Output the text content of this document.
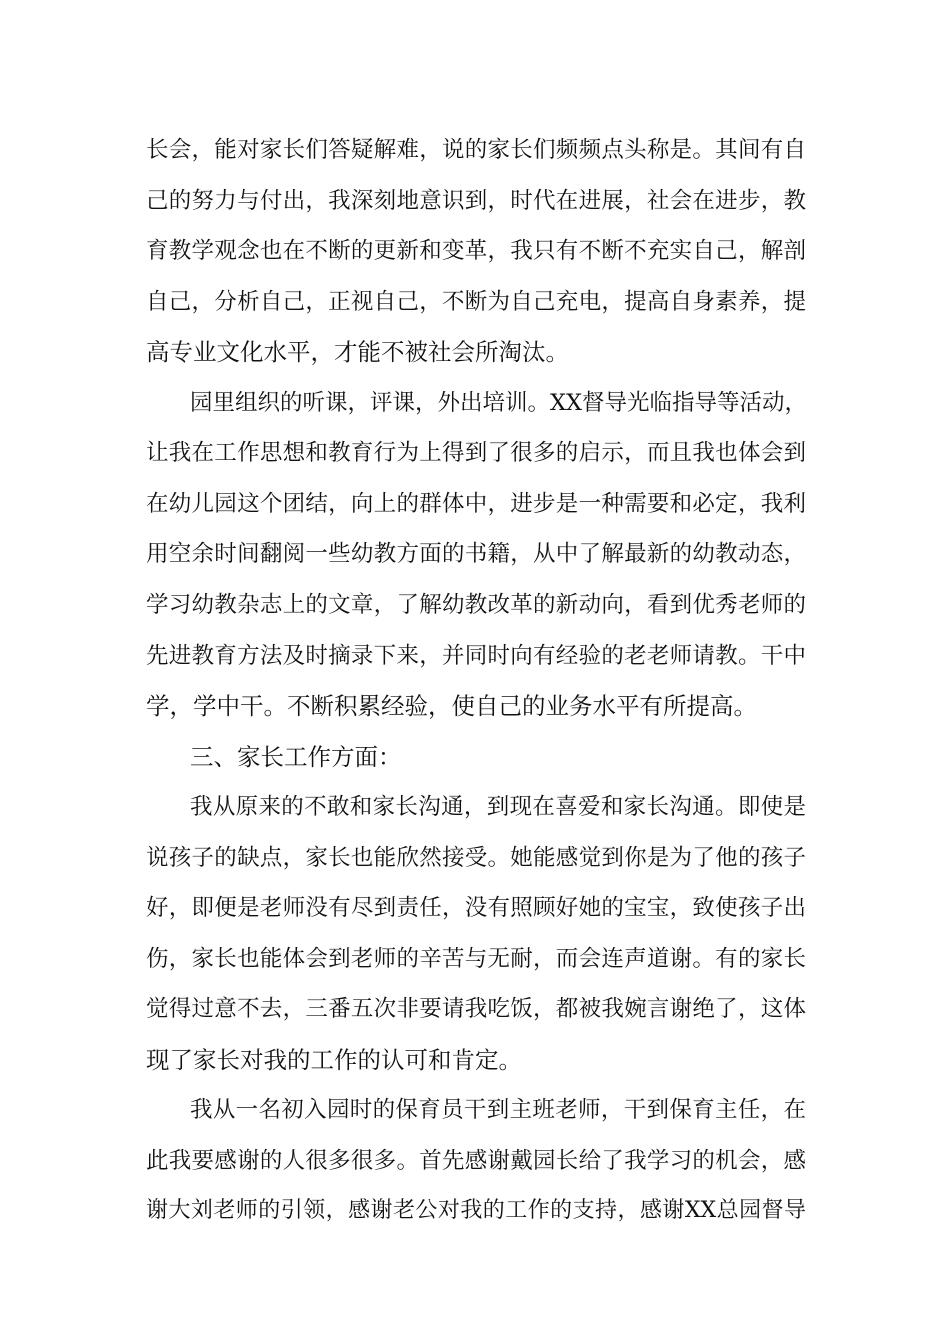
长会，能对家长们答疑解难，说的家长们频频点头称是。其间有自
己的努力与付出，我深刻地意识到，时代在进展，社会在进步，教
育教学观念也在不断的更新和变革，我只有不断不充实自己，解剖
自己，分析自己，正视自己，不断为自己充电，提高自身素养，提
高专业文化水平，才能不被社会所淘汰。
园里组织的听课，评课，外出培训。XX督导光临指导等活动，
让我在工作思想和教育行为上得到了很多的启示，而且我也体会到
在幼儿园这个团结，向上的群体中，进步是一种需要和必定，我利
用空余时间翻阅一些幼教方面的书籍，从中了解最新的幼教动态，
学习幼教杂志上的文章，了解幼教改革的新动向，看到优秀老师的
先进教育方法及时摘录下来，并同时向有经验的老老师请教。干中
学，学中干。不断积累经验，使自己的业务水平有所提高。
三、家长工作方面：
我从原来的不敢和家长沟通，到现在喜爱和家长沟通。即使是
说孩子的缺点，家长也能欣然接受。她能感觉到你是为了他的孩子
好，即便是老师没有尽到责任，没有照顾好她的宝宝，致使孩子出
伤，家长也能体会到老师的辛苦与无耐，而会连声道谢。有的家长
觉得过意不去，三番五次非要请我吃饭，都被我婉言谢绝了，这体
现了家长对我的工作的认可和肯定。
我从一名初入园时的保育员干到主班老师，干到保育主任，在
此我要感谢的人很多很多。首先感谢戴园长给了我学习的机会，感
谢大刘老师的引领，感谢老公对我的工作的支持，感谢XX总园督导
